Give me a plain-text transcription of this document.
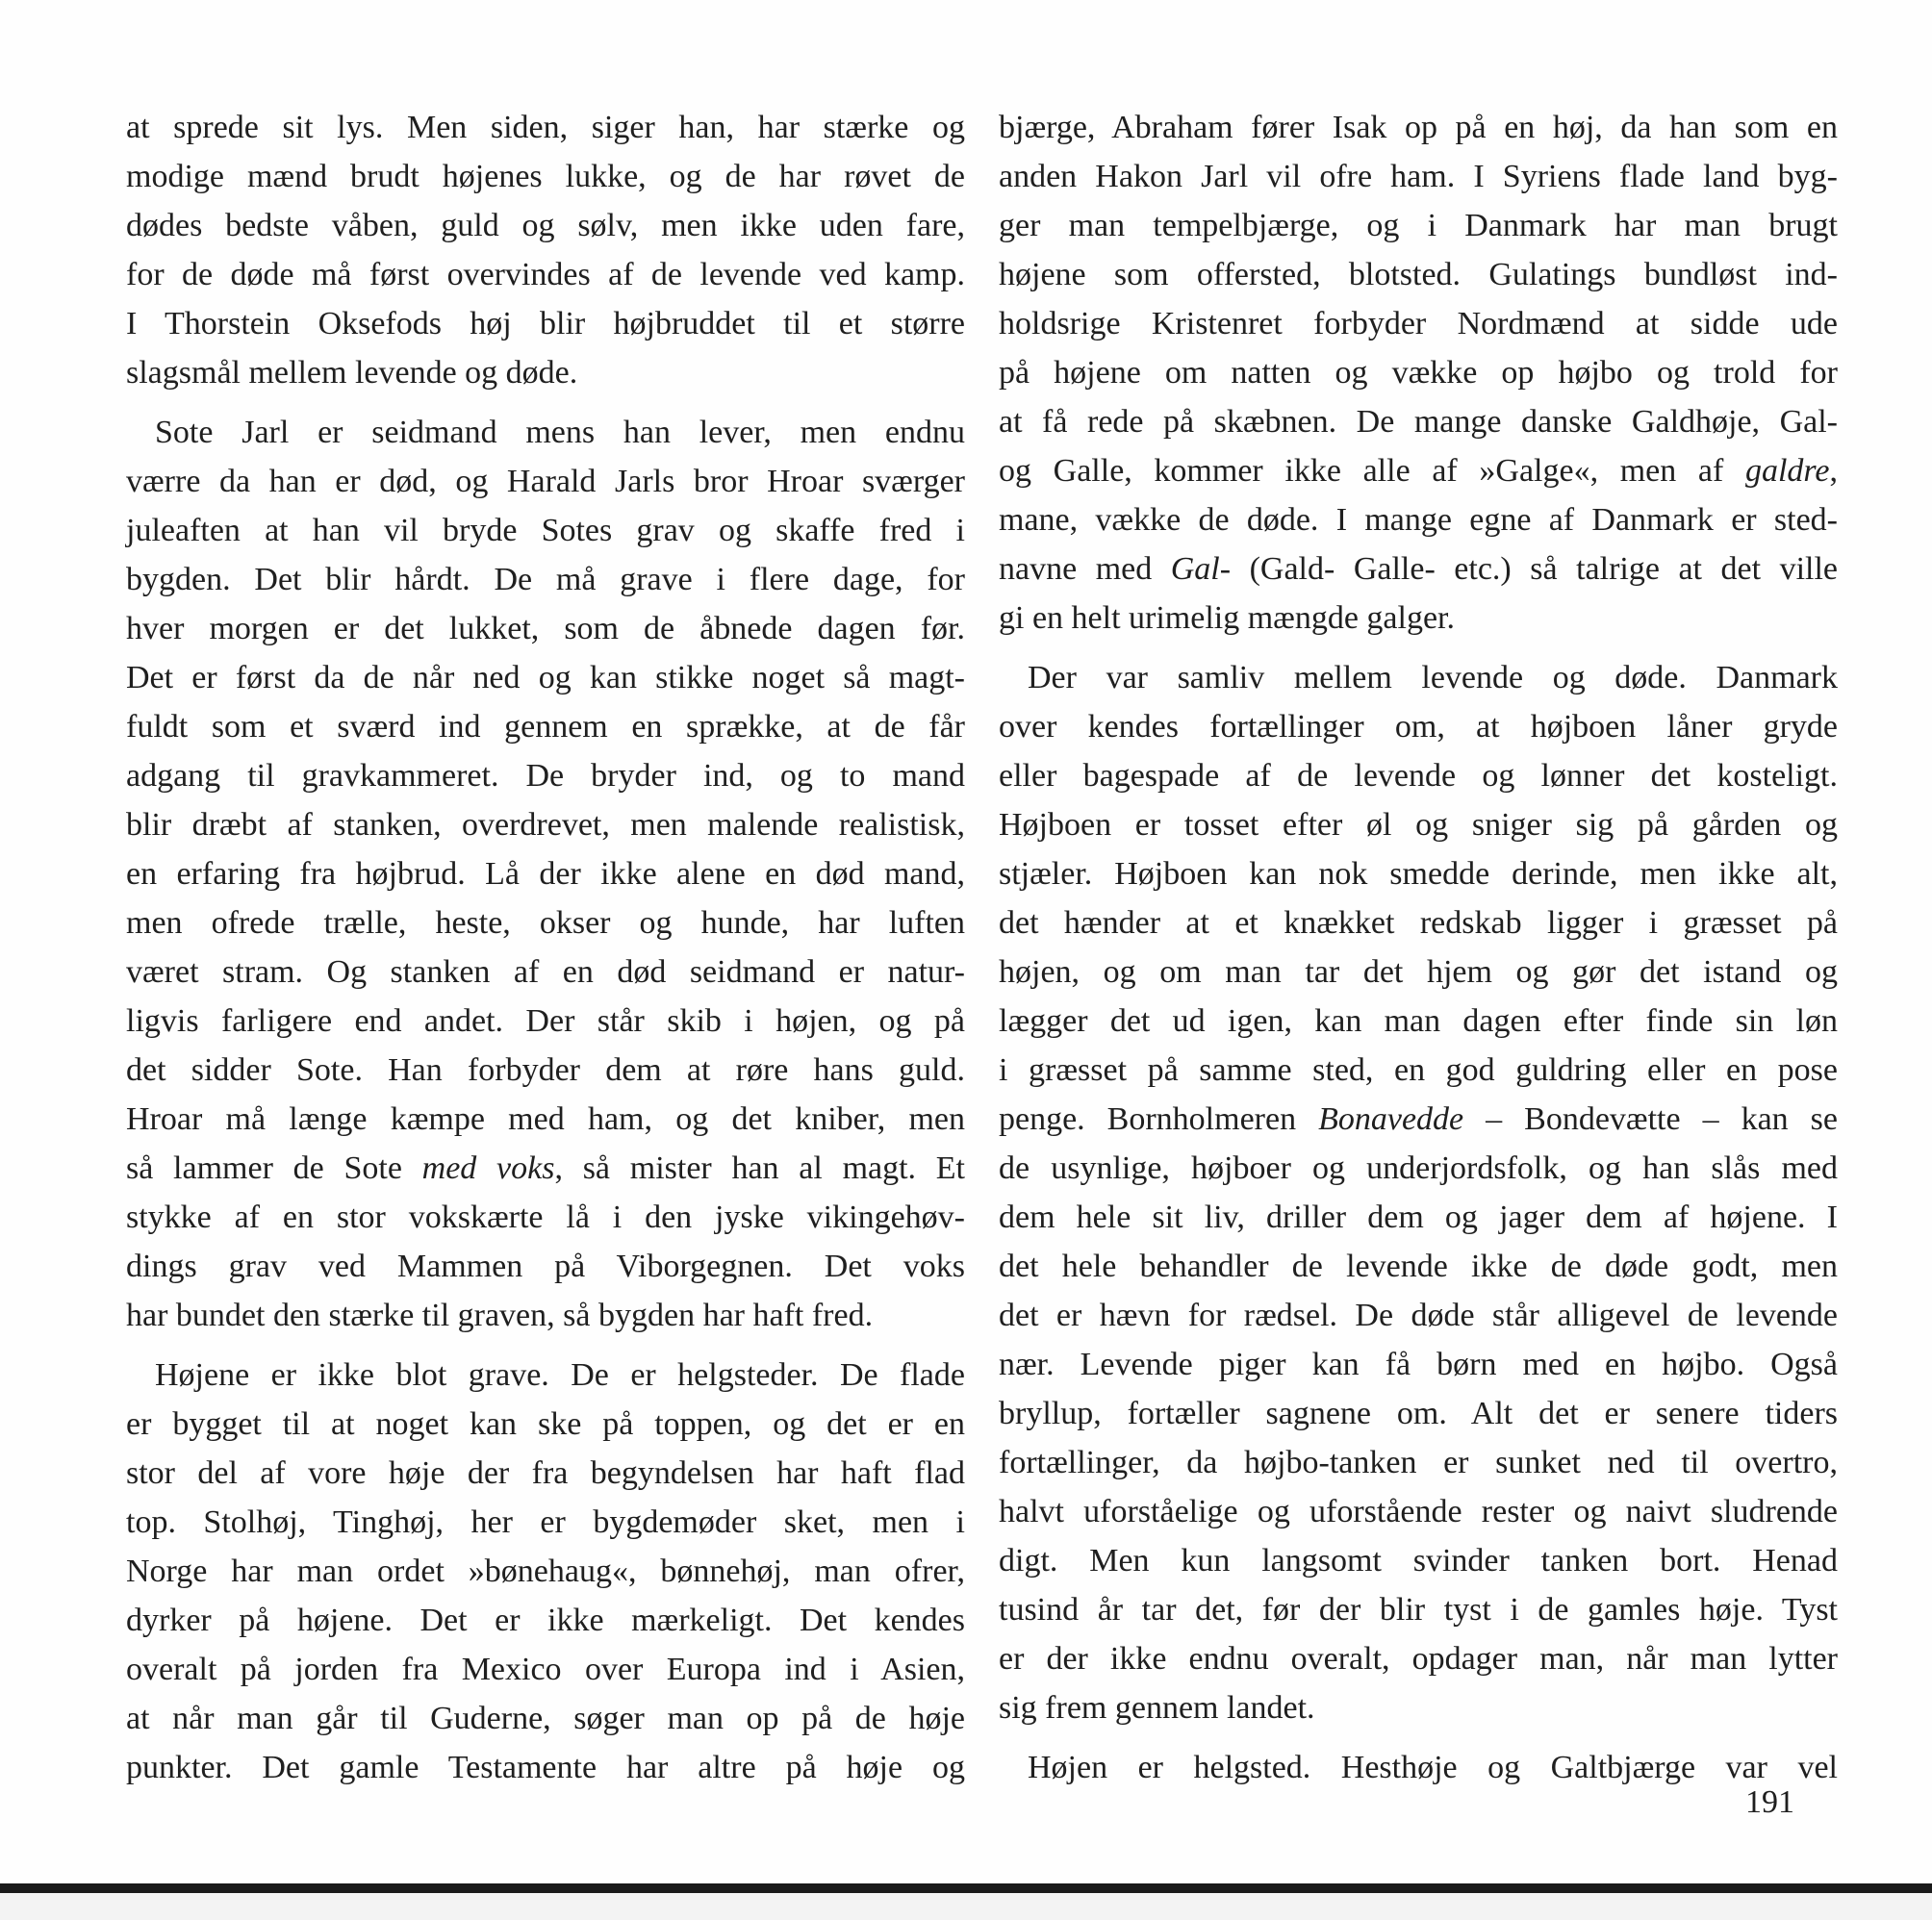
at sprede sit lys. Men siden, siger han, har stærke og
modige mænd brudt højenes lukke, og de har røvet de
dødes bedste våben, guld og sølv, men ikke uden fare,
for de døde må først overvindes af de levende ved kamp.
I Thorstein Oksefods høj blir højbruddet til et større
slagsmål mellem levende og døde.
Sote Jarl er seidmand mens han lever, men endnu
værre da han er død, og Harald Jarls bror Hroar sværger
juleaften at han vil bryde Sotes grav og skaffe fred i
bygden. Det blir hårdt. De må grave i flere dage, for
hver morgen er det lukket, som de åbnede dagen før.
Det er først da de når ned og kan stikke noget så magt-
fuldt som et sværd ind gennem en sprække, at de får
adgang til gravkammeret. De bryder ind, og to mand
blir dræbt af stanken, overdrevet, men malende realistisk,
en erfaring fra højbrud. Lå der ikke alene en død mand,
men ofrede trælle, heste, okser og hunde, har luften
været stram. Og stanken af en død seidmand er natur-
ligvis farligere end andet. Der står skib i højen, og på
det sidder Sote. Han forbyder dem at røre hans guld.
Hroar må længe kæmpe med ham, og det kniber, men
så lammer de Sote med voks, så mister han al magt. Et
stykke af en stor vokskærte lå i den jyske vikingehøv-
dings grav ved Mammen på Viborgegnen. Det voks
har bundet den stærke til graven, så bygden har haft fred.
Højene er ikke blot grave. De er helgsteder. De flade
er bygget til at noget kan ske på toppen, og det er en
stor del af vore høje der fra begyndelsen har haft flad
top. Stolhøj, Tinghøj, her er bygdemøder sket, men i
Norge har man ordet »bønehaug«, bønnehøj, man ofrer,
dyrker på højene. Det er ikke mærkeligt. Det kendes
overalt på jorden fra Mexico over Europa ind i Asien,
at når man går til Guderne, søger man op på de høje
punkter. Det gamle Testamente har altre på høje og
bjærge, Abraham fører Isak op på en høj, da han som en
anden Hakon Jarl vil ofre ham. I Syriens flade land byg-
ger man tempelbjærge, og i Danmark har man brugt
højene som offersted, blotsted. Gulatings bundløst ind-
holdsrige Kristenret forbyder Nordmænd at sidde ude
på højene om natten og vække op højbo og trold for
at få rede på skæbnen. De mange danske Galdhøje, Gal-
og Galle, kommer ikke alle af »Galge«, men af galdre,
mane, vække de døde. I mange egne af Danmark er sted-
navne med Gal- (Gald- Galle- etc.) så talrige at det ville
gi en helt urimelig mængde galger.
Der var samliv mellem levende og døde. Danmark
over kendes fortællinger om, at højboen låner gryde
eller bagespade af de levende og lønner det kosteligt.
Højboen er tosset efter øl og sniger sig på gården og
stjæler. Højboen kan nok smedde derinde, men ikke alt,
det hænder at et knækket redskab ligger i græsset på
højen, og om man tar det hjem og gør det istand og
lægger det ud igen, kan man dagen efter finde sin løn
i græsset på samme sted, en god guldring eller en pose
penge. Bornholmeren Bonavedde – Bondevætte – kan se
de usynlige, højboer og underjordsfolk, og han slås med
dem hele sit liv, driller dem og jager dem af højene. I
det hele behandler de levende ikke de døde godt, men
det er hævn for rædsel. De døde står alligevel de levende
nær. Levende piger kan få børn med en højbo. Også
bryllup, fortæller sagnene om. Alt det er senere tiders
fortællinger, da højbo-tanken er sunket ned til overtro,
halvt uforståelige og uforstående rester og naivt sludrende
digt. Men kun langsomt svinder tanken bort. Henad
tusind år tar det, før der blir tyst i de gamles høje. Tyst
er der ikke endnu overalt, opdager man, når man lytter
sig frem gennem landet.
Højen er helgsted. Hesthøje og Galtbjærge var vel
191
